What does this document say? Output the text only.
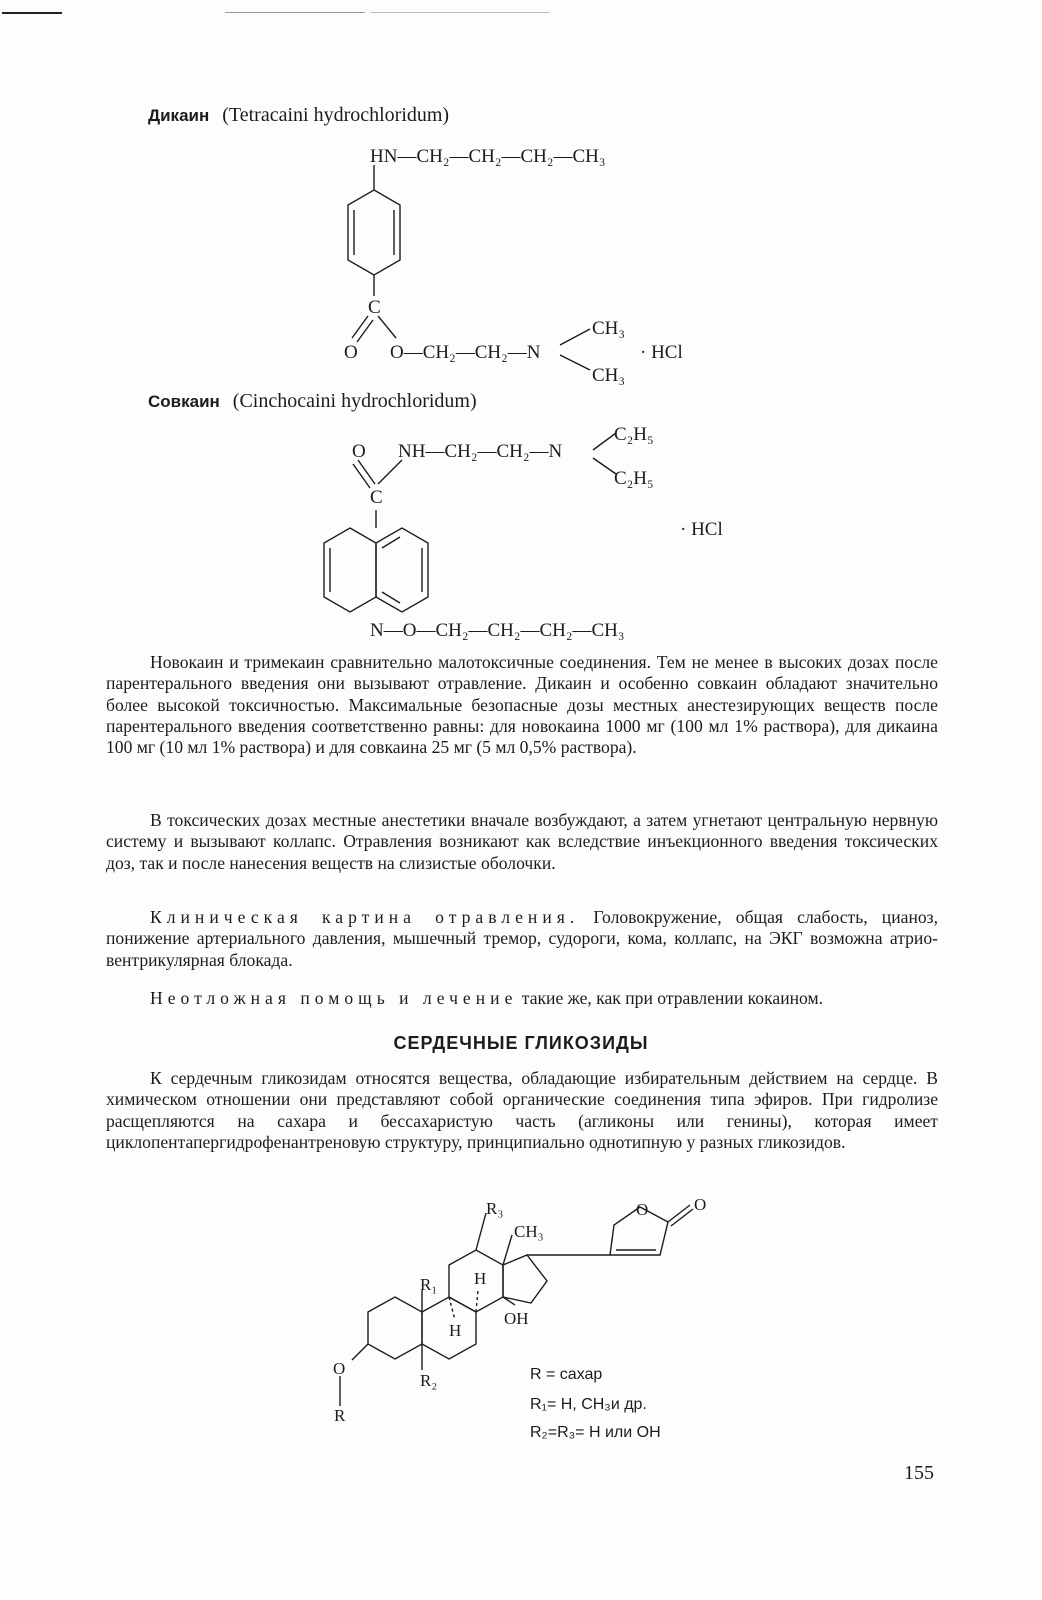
Дикаин (Tetracaini hydrochloridum)
HN—CH₂—CH₂—CH₂—CH₃
C
O O—CH₂—CH₂—N
CH₃
CH₃
· HCl
O NH—CH₂—CH₂—N
C₂H₅
C₂H₅
C
· HCl
N—O—CH₂—CH₂—CH₂—CH₃
Совкаин (Cinchocaini hydrochloridum)

Новокаин и тримекаин сравнительно малотоксичные соединения. Тем не менее в высоких дозах после парентерального введения они вызывают отравление. Дикаин и особенно совкаин обладают значительно более высокой токсичностью. Максимальные безопасные дозы местных анестезирующих веществ после парентерального введения соответственно равны: для новокаина 1000 мг (100 мл 1% раствора), для дикаина 100 мг (10 мл 1% раствора) и для совкаина 25 мг (5 мл 0,5% раствора).

В токсических дозах местные анестетики вначале возбуждают, а затем угнетают центральную нервную систему и вызывают коллапс. Отравления возникают как вследствие инъекционного введения токсических доз, так и после нанесения веществ на слизистые оболочки.

Клиническая картина отравления. Головокружение, общая слабость, цианоз, понижение артериального давления, мышечный тремор, судороги, кома, коллапс, на ЭКГ возможна атрио-вентрикулярная блокада.

Неотложная помощь и лечение такие же, как при отравлении кокаином.

СЕРДЕЧНЫЕ ГЛИКОЗИДЫ

К сердечным гликозидам относятся вещества, обладающие избирательным действием на сердце. В химическом отношении они представляют собой органические соединения типа эфиров. При гидролизе расщепляются на сахара и бессахаристую часть (агликоны или генины), которая имеет циклопентапергидрофенантреновую структуру, принципиально однотипную у разных гликозидов.

R₃
CH₃
R₁ H
H
OH
R₂
O	O
O
R
R = сахар
R₁= H, CH₃и др.
R₂=R₃= H или OH
155
